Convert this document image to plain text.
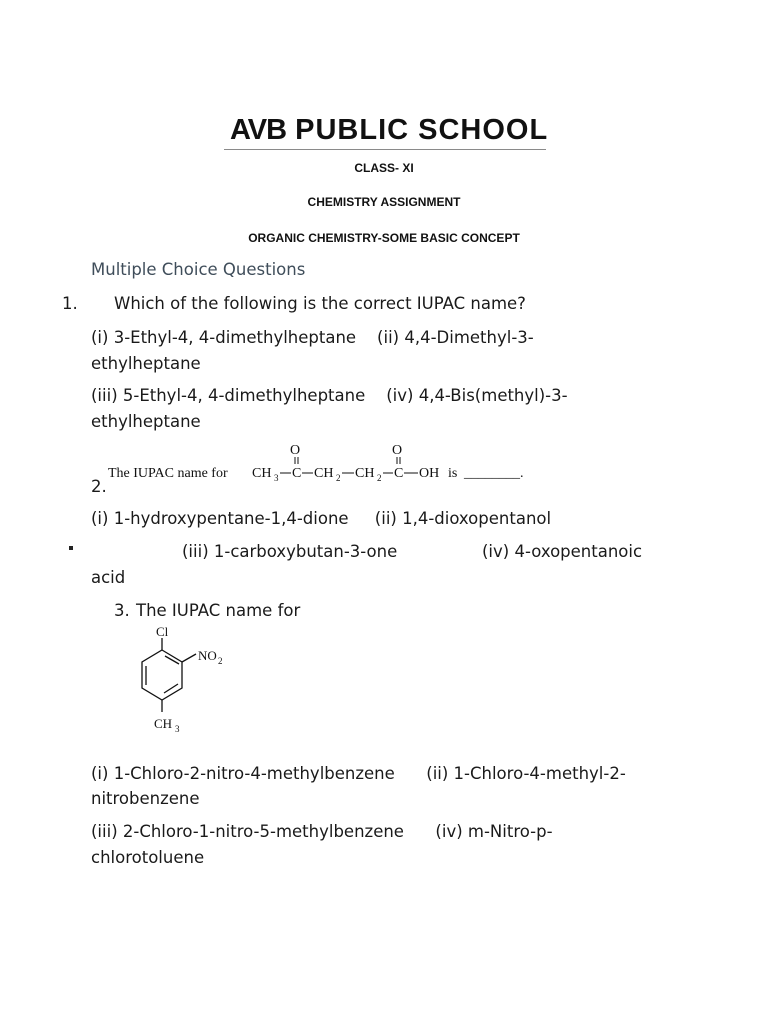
AVB PUBLIC SCHOOL
CLASS- XI
CHEMISTRY ASSIGNMENT
ORGANIC CHEMISTRY-SOME BASIC CONCEPT
Multiple Choice Questions
1. Which of the following is the correct IUPAC name?
(i) 3-Ethyl-4, 4-dimethylheptane    (ii) 4,4-Dimethyl-3-
ethylheptane
(iii) 5-Ethyl-4, 4-dimethylheptane    (iv) 4,4-Bis(methyl)-3-
ethylheptane
The IUPAC name for CH 3 C CH 2 CH 2 C OH
O	O
is ________.
2.
(i) 1-hydroxypentane-1,4-dione     (ii) 1,4-dioxopentanol
(iii) 1-carboxybutan-3-one	(iv) 4-oxopentanoic
acid
3. The IUPAC name for
Cl
NO 2
CH 3
(i) 1-Chloro-2-nitro-4-methylbenzene      (ii) 1-Chloro-4-methyl-2-
nitrobenzene
(iii) 2-Chloro-1-nitro-5-methylbenzene      (iv) m-Nitro-p-
chlorotoluene
